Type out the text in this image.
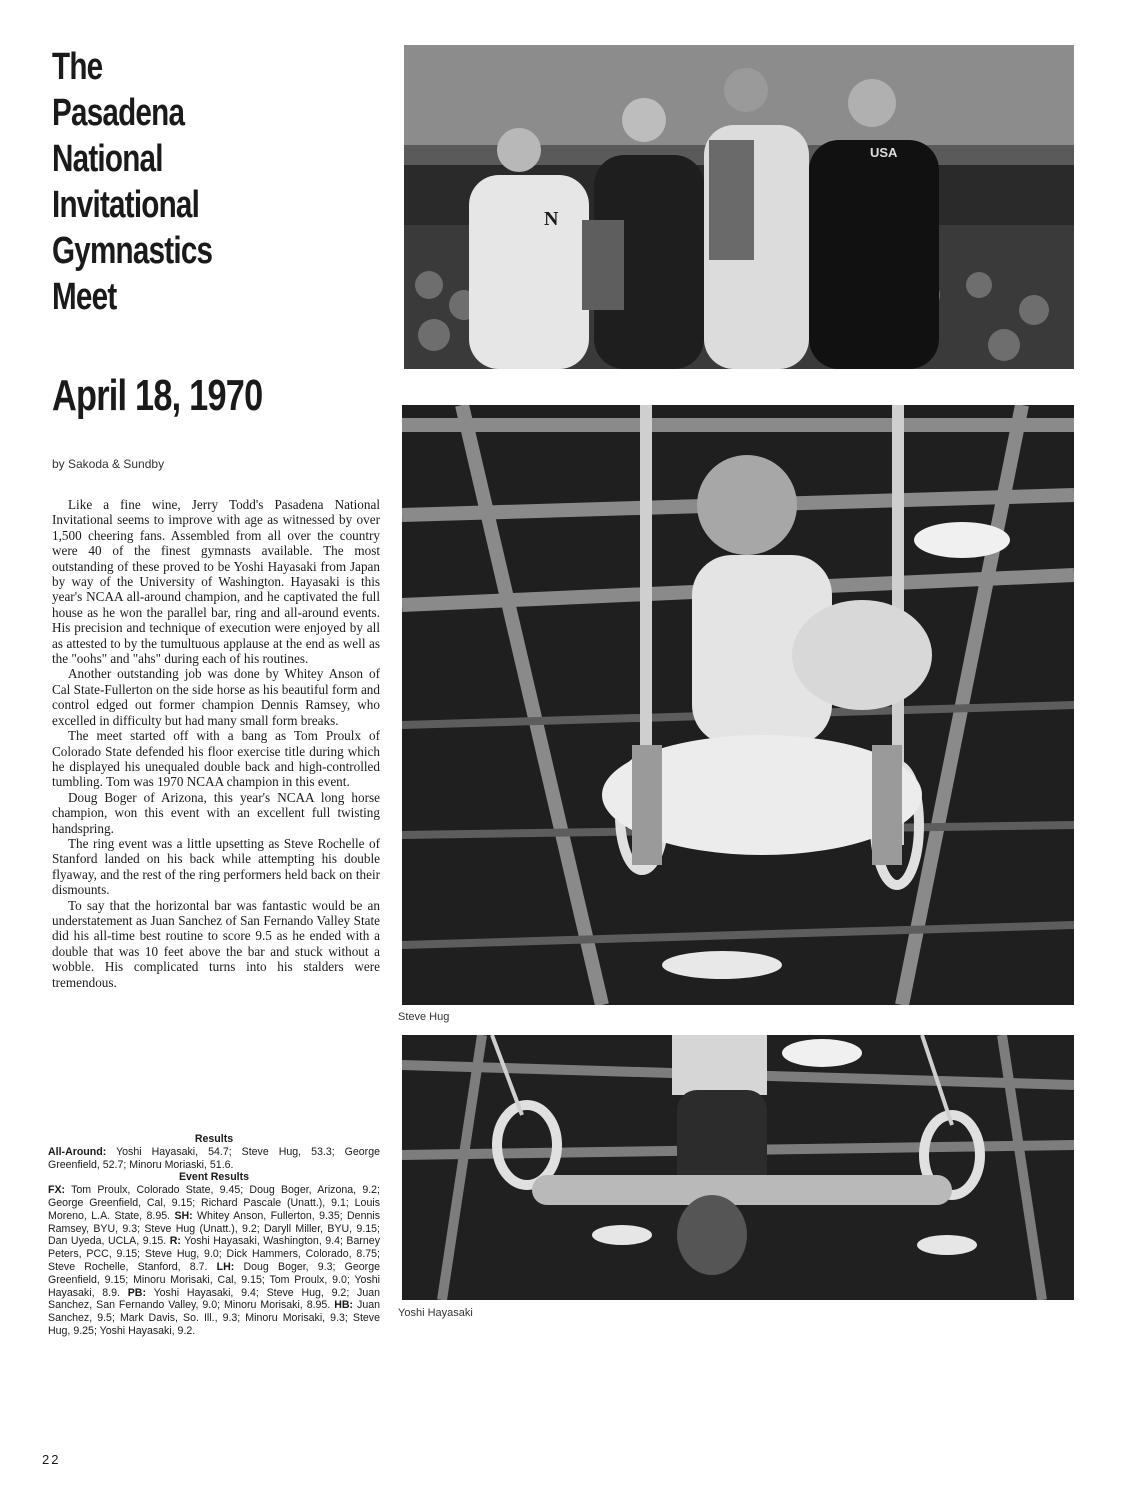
The
Pasadena
National
Invitational
Gymnastics
Meet
April 18, 1970
by Sakoda & Sundby

Like a fine wine, Jerry Todd's Pasadena National Invitational seems to improve with age as witnessed by over 1,500 cheering fans. Assembled from all over the country were 40 of the finest gymnasts available. The most outstanding of these proved to be Yoshi Hayasaki from Japan by way of the University of Washington. Hayasaki is this year's NCAA all-around champion, and he captivated the full house as he won the parallel bar, ring and all-around events. His precision and technique of execution were enjoyed by all as attested to by the tumultuous applause at the end as well as the "oohs" and "ahs" during each of his routines.

Another outstanding job was done by Whitey Anson of Cal State-Fullerton on the side horse as his beautiful form and control edged out former champion Dennis Ramsey, who excelled in difficulty but had many small form breaks.

The meet started off with a bang as Tom Proulx of Colorado State defended his floor exercise title during which he displayed his unequaled double back and high-controlled tumbling. Tom was 1970 NCAA champion in this event.

Doug Boger of Arizona, this year's NCAA long horse champion, won this event with an excellent full twisting handspring.

The ring event was a little upsetting as Steve Rochelle of Stanford landed on his back while attempting his double flyaway, and the rest of the ring performers held back on their dismounts.

To say that the horizontal bar was fantastic would be an understatement as Juan Sanchez of San Fernando Valley State did his all-time best routine to score 9.5 as he ended with a double that was 10 feet above the bar and stuck without a wobble. His complicated turns into his stalders were tremendous.

Results

All-Around: Yoshi Hayasaki, 54.7; Steve Hug, 53.3; George Greenfield, 52.7; Minoru Moriaski, 51.6.

Event Results

FX: Tom Proulx, Colorado State, 9.45; Doug Boger, Arizona, 9.2; George Greenfield, Cal, 9.15; Richard Pascale (Unatt.), 9.1; Louis Moreno, L.A. State, 8.95. SH: Whitey Anson, Fullerton, 9.35; Dennis Ramsey, BYU, 9.3; Steve Hug (Unatt.), 9.2; Daryll Miller, BYU, 9.15; Dan Uyeda, UCLA, 9.15. R: Yoshi Hayasaki, Washington, 9.4; Barney Peters, PCC, 9.15; Steve Hug, 9.0; Dick Hammers, Colorado, 8.75; Steve Rochelle, Stanford, 8.7. LH: Doug Boger, 9.3; George Greenfield, 9.15; Minoru Morisaki, Cal, 9.15; Tom Proulx, 9.0; Yoshi Hayasaki, 8.9. PB: Yoshi Hayasaki, 9.4; Steve Hug, 9.2; Juan Sanchez, San Fernando Valley, 9.0; Minoru Morisaki, 8.95. HB: Juan Sanchez, 9.5; Mark Davis, So. Ill., 9.3; Minoru Morisaki, 9.3; Steve Hug, 9.25; Yoshi Hayasaki, 9.2.

22
N
USA
Steve Hug
Yoshi Hayasaki
